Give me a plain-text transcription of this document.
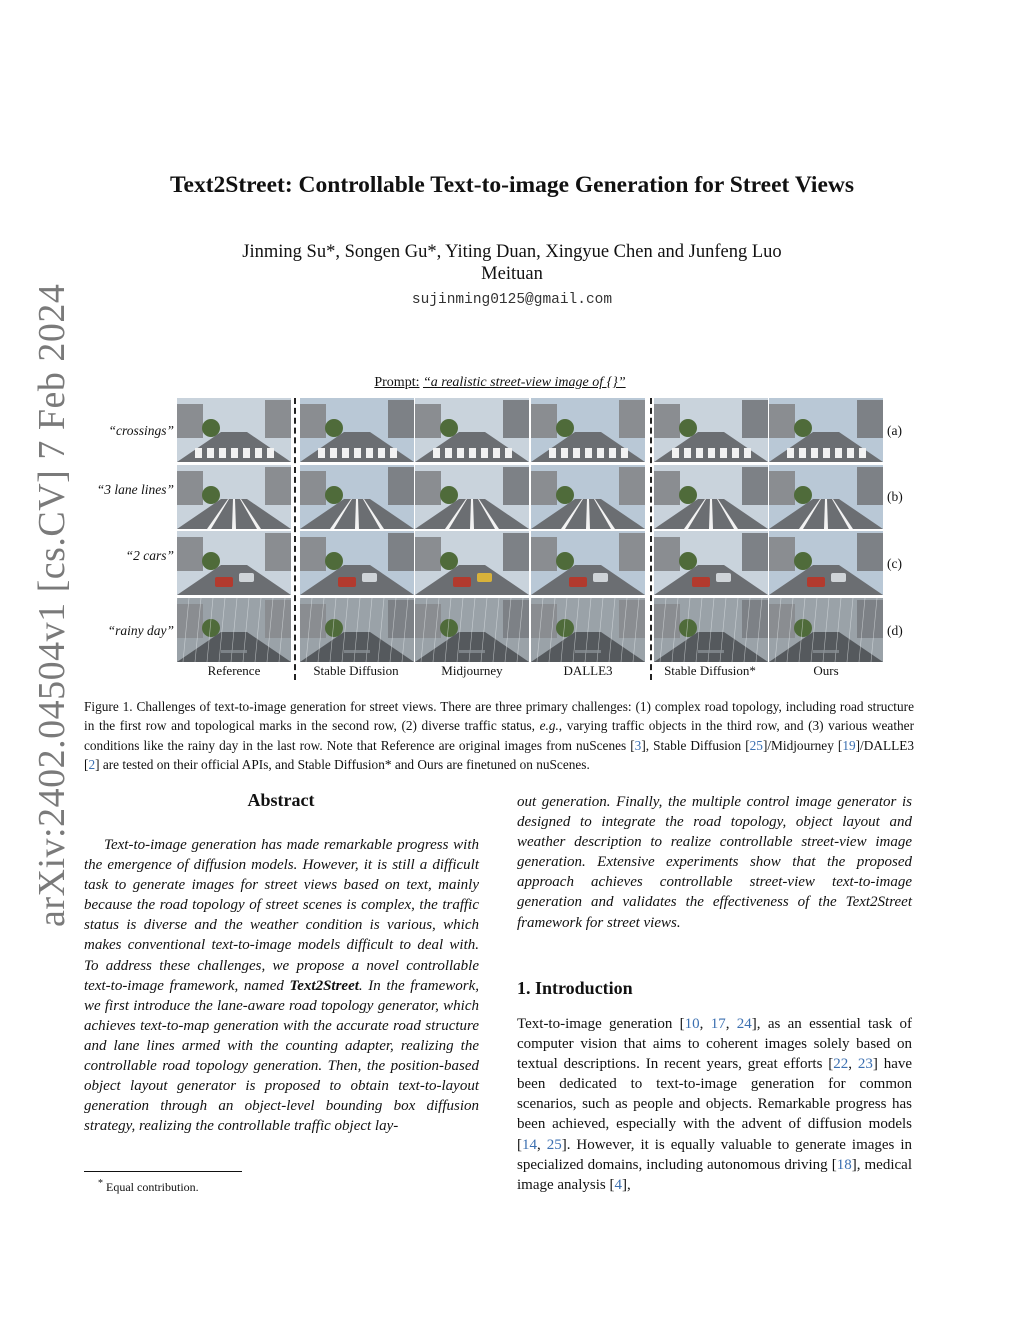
arXiv:2402.04504v1 [cs.CV] 7 Feb 2024
Text2Street: Controllable Text-to-image Generation for Street Views
Jinming Su*, Songen Gu*, Yiting Duan, Xingyue Chen and Junfeng Luo
Meituan
sujinming0125@gmail.com
Prompt: “a realistic street-view image of {}”
“crossings”
“3 lane lines”
“2 cars”
“rainy day”
(a)
(b)
(c)
(d)
Reference	Stable Diffusion	Midjourney	DALLE3	Stable Diffusion*	Ours
Figure 1. Challenges of text-to-image generation for street views. There are three primary challenges: (1) complex road topology, including road structure in the first row and topological marks in the second row, (2) diverse traffic status, e.g., varying traffic objects in the third row, and (3) various weather conditions like the rainy day in the last row. Note that Reference are original images from nuScenes [3], Stable Diffusion [25]/Midjourney [19]/DALLE3 [2] are tested on their official APIs, and Stable Diffusion* and Ours are finetuned on nuScenes.
Abstract
Text-to-image generation has made remarkable progress with the emergence of diffusion models. However, it is still a difficult task to generate images for street views based on text, mainly because the road topology of street scenes is complex, the traffic status is diverse and the weather condition is various, which makes conventional text-to-image models difficult to deal with. To address these challenges, we propose a novel controllable text-to-image framework, named Text2Street. In the framework, we first introduce the lane-aware road topology generator, which achieves text-to-map generation with the accurate road structure and lane lines armed with the counting adapter, realizing the controllable road topology generation. Then, the position-based object layout generator is proposed to obtain text-to-layout generation through an object-level bounding box diffusion strategy, realizing the controllable traffic object lay-
out generation. Finally, the multiple control image generator is designed to integrate the road topology, object layout and weather description to realize controllable street-view image generation. Extensive experiments show that the proposed approach achieves controllable street-view text-to-image generation and validates the effectiveness of the Text2Street framework for street views.
1. Introduction
Text-to-image generation [10, 17, 24], as an essential task of computer vision that aims to coherent images solely based on textual descriptions. In recent years, great efforts [22, 23] have been dedicated to text-to-image generation for common scenarios, such as people and objects. Remarkable progress has been achieved, especially with the advent of diffusion models [14, 25]. However, it is equally valuable to generate images in specialized domains, including autonomous driving [18], medical image analysis [4],
* Equal contribution.
